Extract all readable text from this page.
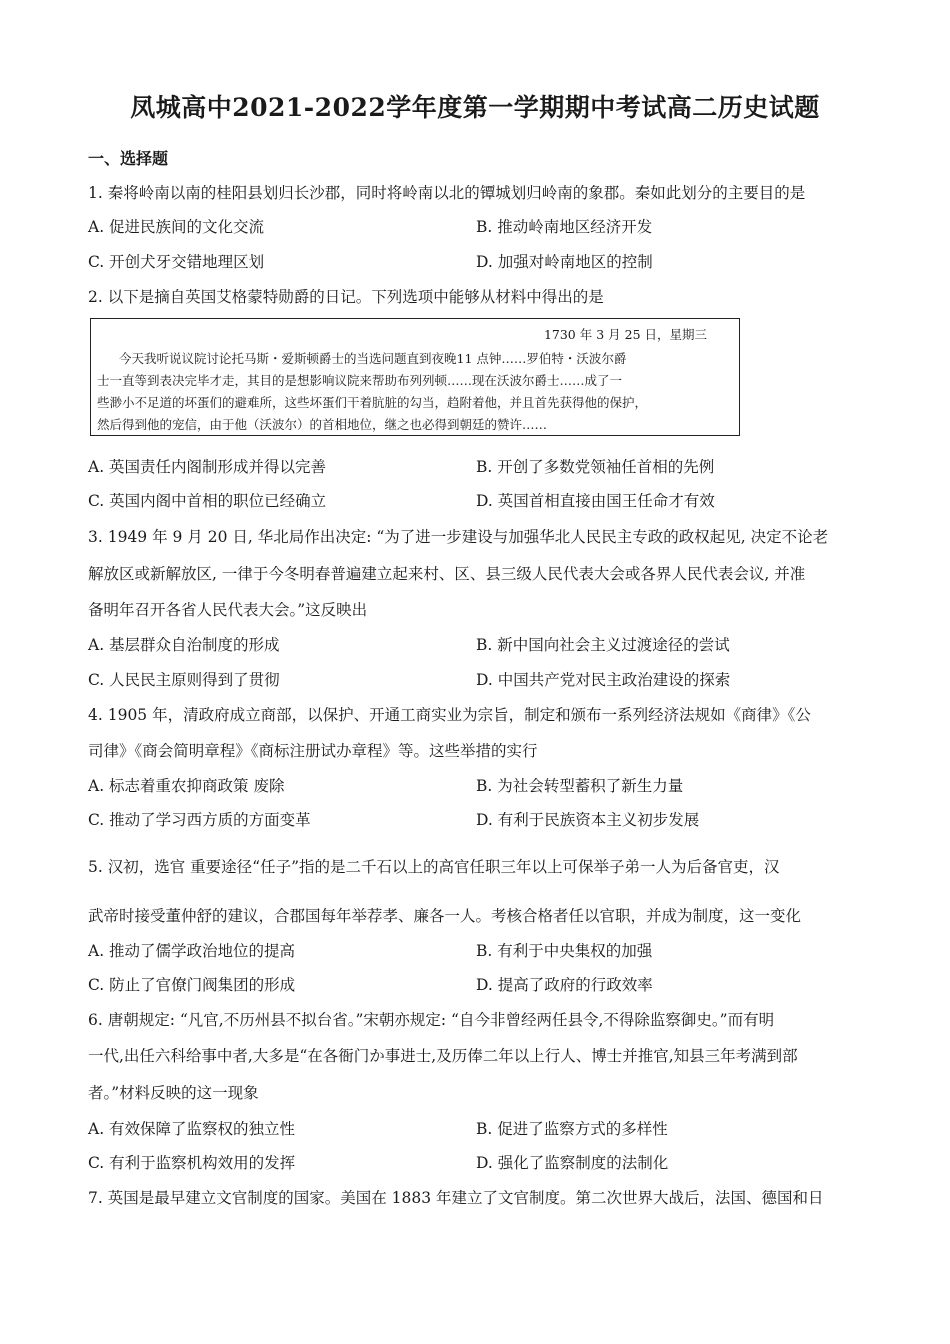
凤城高中2021-2022学年度第一学期期中考试高二历史试题
一、选择题
1. 秦将岭南以南的桂阳县划归长沙郡，同时将岭南以北的镡城划归岭南的象郡。秦如此划分的主要目的是
A. 促进民族间的文化交流	B. 推动岭南地区经济开发
C. 开创犬牙交错地理区划	D. 加强对岭南地区的控制
2. 以下是摘自英国艾格蒙特勋爵的日记。下列选项中能够从材料中得出的是
1730 年 3 月 25 日，星期三
今天我听说议院讨论托马斯・爱斯顿爵士的当选问题直到夜晚11 点钟……罗伯特・沃波尔爵
士一直等到表决完毕才走，其目的是想影响议院来帮助布列列顿……现在沃波尔爵士……成了一
些渺小不足道的坏蛋们的避难所，这些坏蛋们干着肮脏的勾当，趋附着他，并且首先获得他的保护，
然后得到他的宠信，由于他（沃波尔）的首相地位，继之也必得到朝廷的赞许……
A. 英国责任内阁制形成并得以完善	B. 开创了多数党领袖任首相的先例
C. 英国内阁中首相的职位已经确立	D. 英国首相直接由国王任命才有效
3. 1949 年 9 月 20 日, 华北局作出决定: “为了进一步建设与加强华北人民民主专政的政权起见, 决定不论老
解放区或新解放区, 一律于今冬明春普遍建立起来村、区、县三级人民代表大会或各界人民代表会议, 并准
备明年召开各省人民代表大会。”这反映出
A. 基层群众自治制度的形成	B. 新中国向社会主义过渡途径的尝试
C. 人民民主原则得到了贯彻	D. 中国共产党对民主政治建设的探索
4. 1905 年，清政府成立商部，以保护、开通工商实业为宗旨，制定和颁布一系列经济法规如《商律》《公
司律》《商会简明章程》《商标注册试办章程》等。这些举措的实行
A. 标志着重农抑商政策 废除	B. 为社会转型蓄积了新生力量
C. 推动了学习西方质的方面变革	D. 有利于民族资本主义初步发展
5. 汉初，选官 重要途径“任子”指的是二千石以上的高官任职三年以上可保举子弟一人为后备官吏，汉
武帝时接受董仲舒的建议，合郡国每年举荐孝、廉各一人。考核合格者任以官职，并成为制度，这一变化
A. 推动了儒学政治地位的提高	B. 有利于中央集权的加强
C. 防止了官僚门阀集团的形成	D. 提高了政府的行政效率
6. 唐朝规定: “凡官,不历州县不拟台省。”宋朝亦规定: “自今非曾经两任县令,不得除监察御史。”而有明
一代,出任六科给事中者,大多是“在各衙门か事进士,及历俸二年以上行人、博士并推官,知县三年考满到部
者。”材料反映的这一现象
A. 有效保障了监察权的独立性	B. 促进了监察方式的多样性
C. 有利于监察机构效用的发挥	D. 强化了监察制度的法制化
7. 英国是最早建立文官制度的国家。美国在 1883 年建立了文官制度。第二次世界大战后，法国、德国和日
